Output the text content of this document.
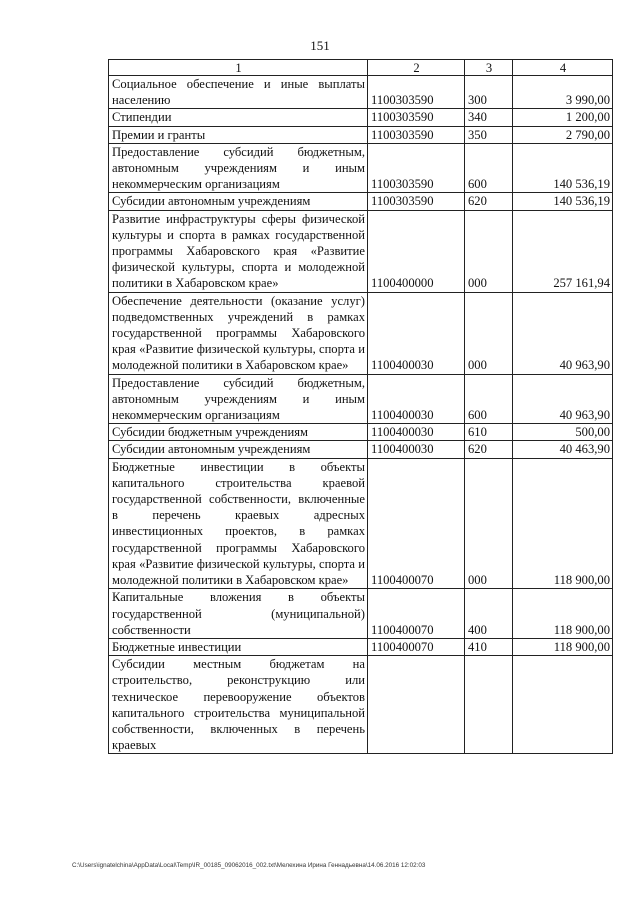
151
1	2	3	4
Социальное обеспечение и иные выплаты населению	1100303590	300	3 990,00
Стипендии	1100303590	340	1 200,00
Премии и гранты	1100303590	350	2 790,00
Предоставление субсидий бюджетным, автономным учреждениям и иным некоммерческим организациям	1100303590	600	140 536,19
Субсидии автономным учреждениям	1100303590	620	140 536,19
Развитие инфраструктуры сферы физической культуры и спорта в рамках государственной программы Хабаровского края «Развитие физической культуры, спорта и молодежной политики в Хабаровском крае»	1100400000	000	257 161,94
Обеспечение деятельности (оказание услуг) подведомственных учреждений в рамках государственной программы Хабаровского края «Развитие физической культуры, спорта и молодежной политики в Хабаровском крае»	1100400030	000	40 963,90
Предоставление субсидий бюджетным, автономным учреждениям и иным некоммерческим организациям	1100400030	600	40 963,90
Субсидии бюджетным учреждениям	1100400030	610	500,00
Субсидии автономным учреждениям	1100400030	620	40 463,90
Бюджетные инвестиции в объекты капитального строительства краевой государственной собственности, включенные в перечень краевых адресных инвестиционных проектов, в рамках государственной программы Хабаровского края «Развитие физической культуры, спорта и молодежной политики в Хабаровском крае»	1100400070	000	118 900,00
Капитальные вложения в объекты государственной (муниципальной) собственности	1100400070	400	118 900,00
Бюджетные инвестиции	1100400070	410	118 900,00
Субсидии местным бюджетам на строительство, реконструкцию или техническое перевооружение объектов капитального строительства муниципальной собственности, включенных в перечень краевых			
C:\Users\ignatelchina\AppData\Local\Temp\IR_00185_09062016_002.txt\Мелехина Ирина Геннадьевна\14.06.2016 12:02:03
